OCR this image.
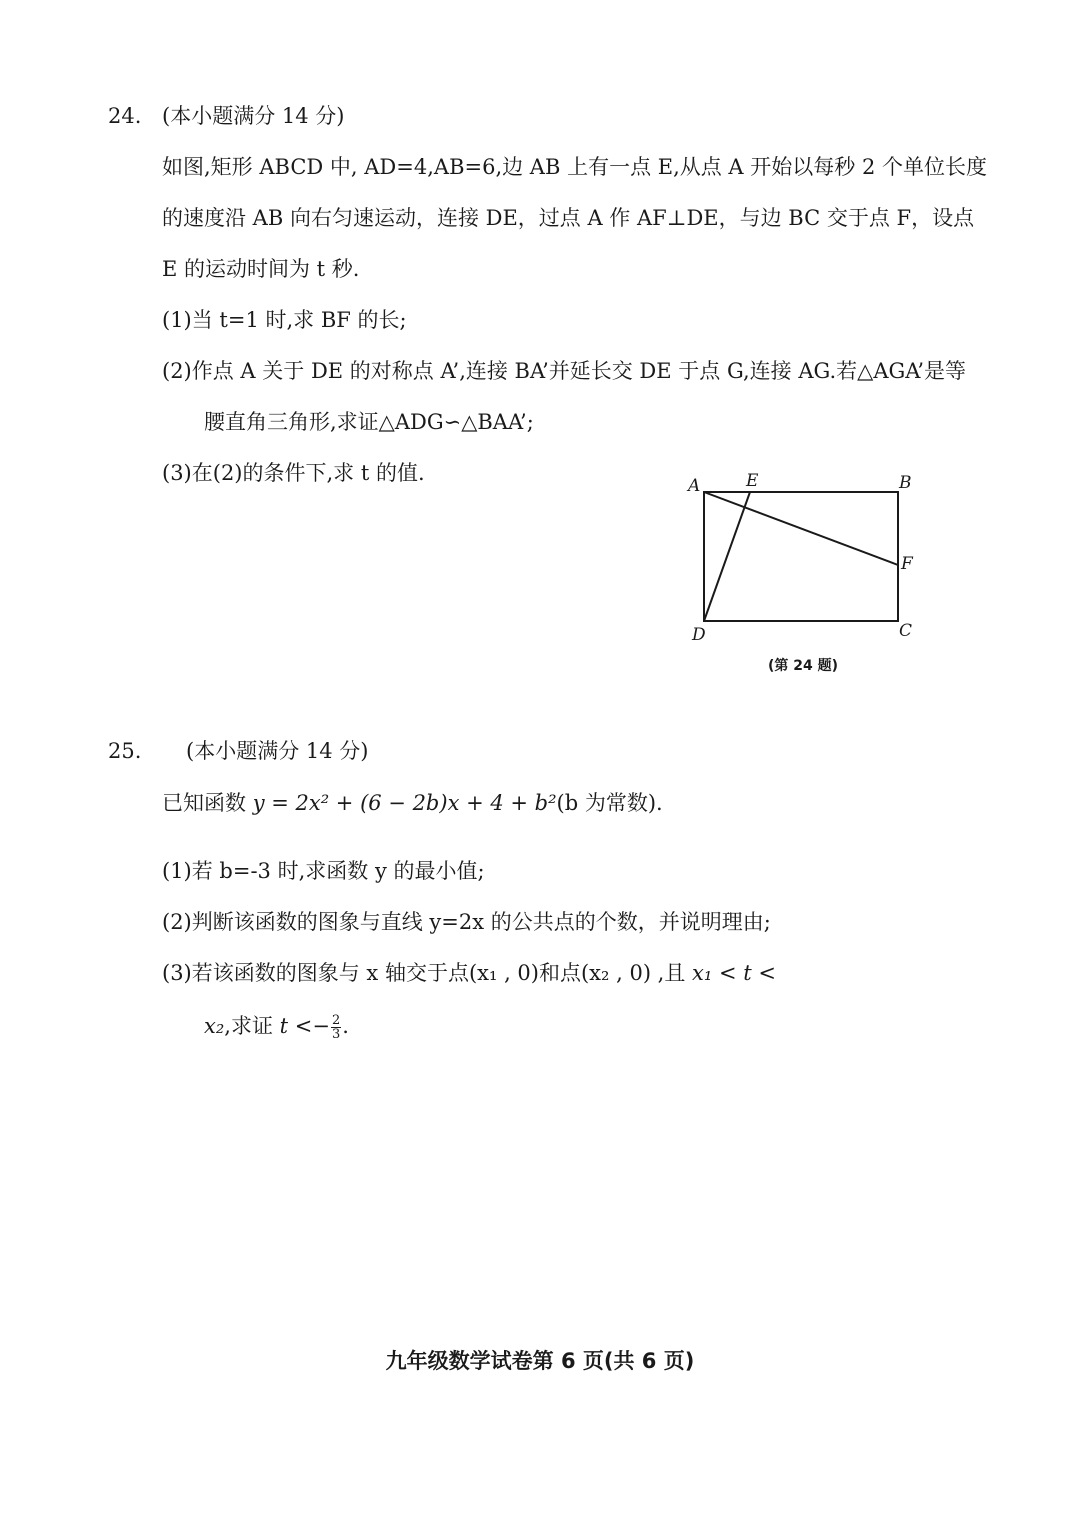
24. (本小题满分 14 分)
如图,矩形 ABCD 中, AD=4,AB=6,边 AB 上有一点 E,从点 A 开始以每秒 2 个单位长度
的速度沿 AB 向右匀速运动，连接 DE，过点 A 作 AF⊥DE，与边 BC 交于点 F，设点
E 的运动时间为 t 秒.
(1)当 t=1 时,求 BF 的长;
(2)作点 A 关于 DE 的对称点 A’,连接 BA’并延长交 DE 于点 G,连接 AG.若△AGA’是等
腰直角三角形,求证△ADG∽△BAA’;
(3)在(2)的条件下,求 t 的值.
A	E	B
F
C
D
(第 24 题)
25. (本小题满分 14 分)
已知函数 y = 2x² + (6 − 2b)x + 4 + b²(b 为常数).
(1)若 b=-3 时,求函数 y 的最小值;
(2)判断该函数的图象与直线 y=2x 的公共点的个数，并说明理由;
(3)若该函数的图象与 x 轴交于点(x₁ , 0)和点(x₂ , 0) ,且 x₁ < t <
x₂,求证 $t <- \frac{2}{3}$ .
九年级数学试卷第 6 页(共 6 页)
